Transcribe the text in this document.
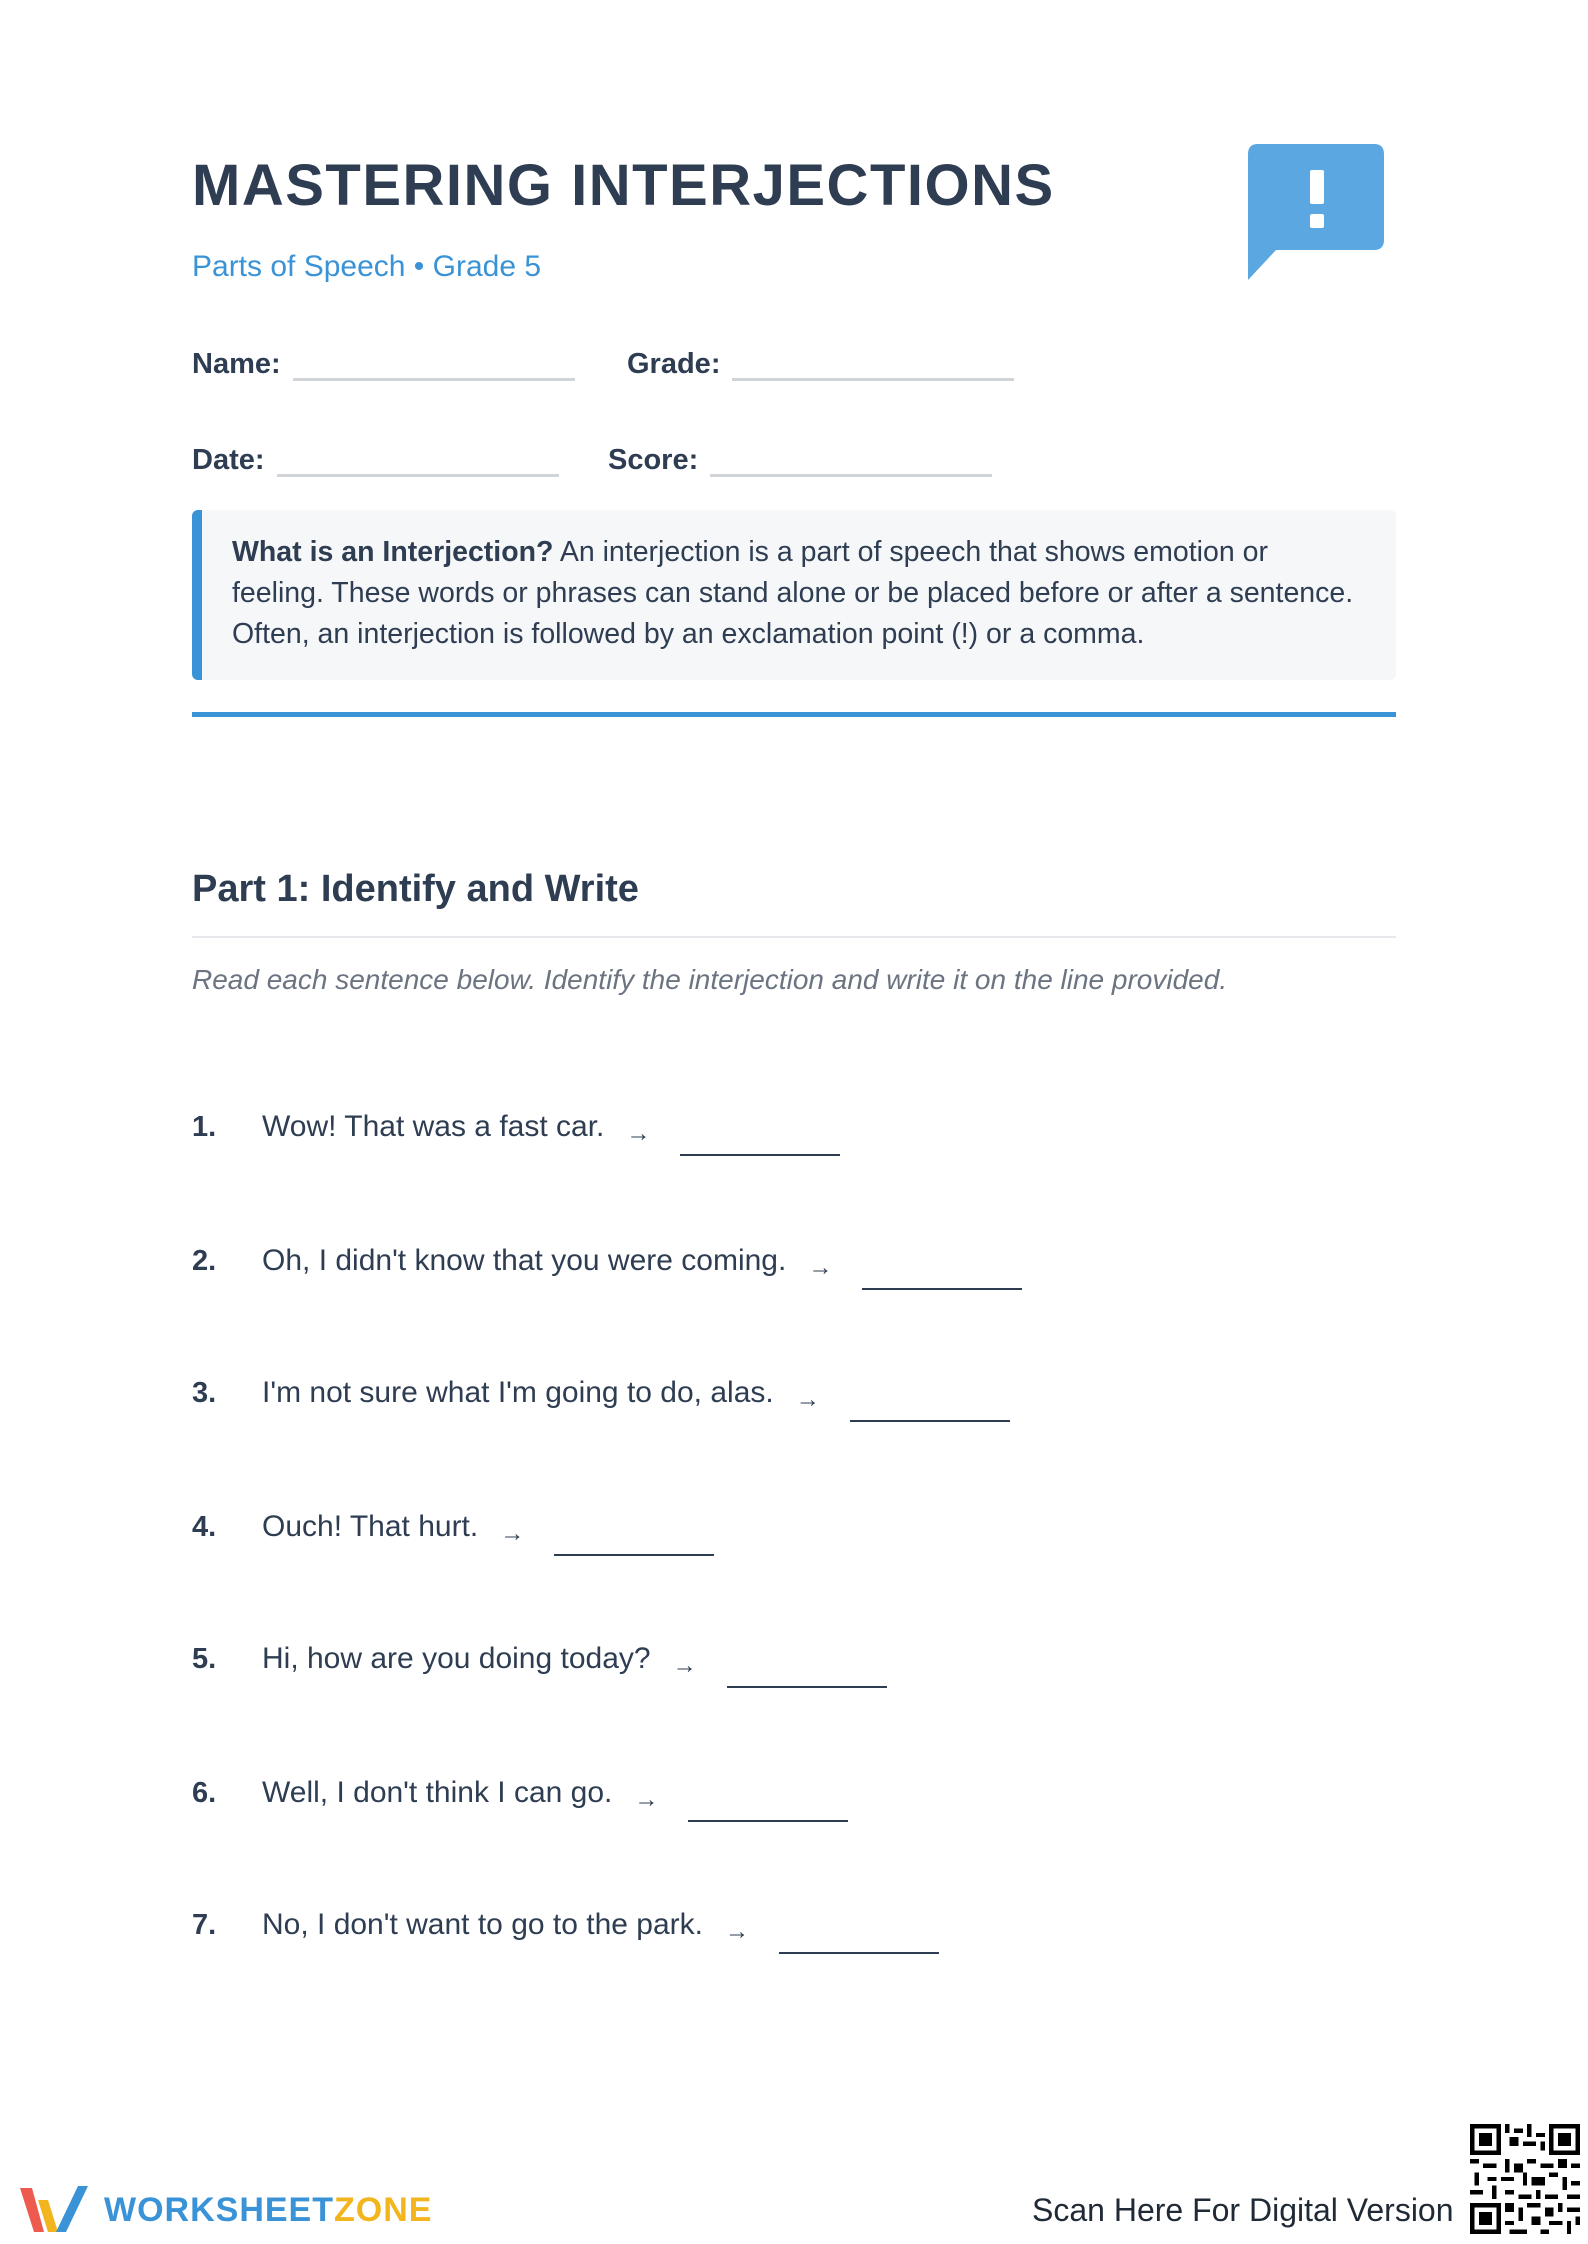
MASTERING INTERJECTIONS
Parts of Speech • Grade 5
Name:	Grade:
Date:	Score:
What is an Interjection? An interjection is a part of speech that shows emotion or feeling. These words or phrases can stand alone or be placed before or after a sentence. Often, an interjection is followed by an exclamation point (!) or a comma.
Part 1: Identify and Write
Read each sentence below. Identify the interjection and write it on the line provided.
1.	Wow! That was a fast car. →
2.	Oh, I didn't know that you were coming. →
3.	I'm not sure what I'm going to do, alas. →
4.	Ouch! That hurt. →
5.	Hi, how are you doing today? →
6.	Well, I don't think I can go. →
7.	No, I don't want to go to the park. →
WORKSHEETZONE	Scan Here For Digital Version
